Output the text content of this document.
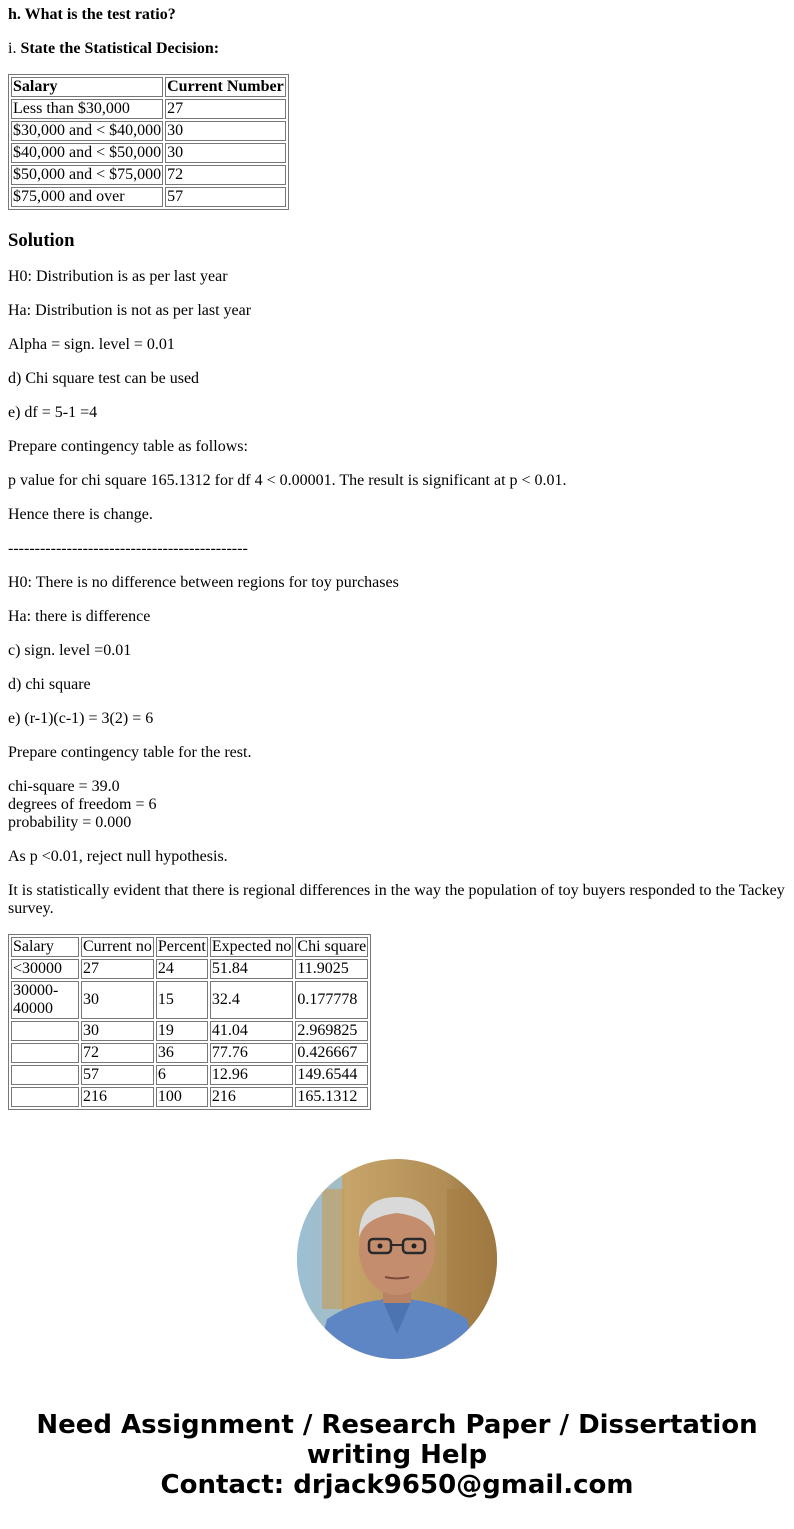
h. What is the test ratio?

i. State the Statistical Decision:

Salary	Current Number
Less than $30,000	27
$30,000 and < $40,000	30
$40,000 and < $50,000	30
$50,000 and < $75,000	72
$75,000 and over	57
Solution

H0: Distribution is as per last year

Ha: Distribution is not as per last year

Alpha = sign. level = 0.01

d) Chi square test can be used

e) df = 5-1 =4

Prepare contingency table as follows:

p value for chi square 165.1312 for df 4 < 0.00001. The result is significant at p < 0.01.

Hence there is change.

---------------------------------------------

H0: There is no difference between regions for toy purchases

Ha: there is difference

c) sign. level =0.01

d) chi square

e) (r-1)(c-1) = 3(2) = 6

Prepare contingency table for the rest.

chi-square = 39.0
degrees of freedom = 6
probability = 0.000

As p <0.01, reject null hypothesis.

It is statistically evident that there is regional differences in the way the population of toy buyers responded to the Tackey survey.

Salary	Current no	Percent	Expected no	Chi square
<30000	27	24	51.84	11.9025
30000-40000	30	15	32.4	0.177778
	30	19	41.04	2.969825
	72	36	77.76	0.426667
	57	6	12.96	149.6544
	216	100	216	165.1312
Need Assignment / Research Paper / Dissertation
writing Help
Contact: drjack9650@gmail.com
